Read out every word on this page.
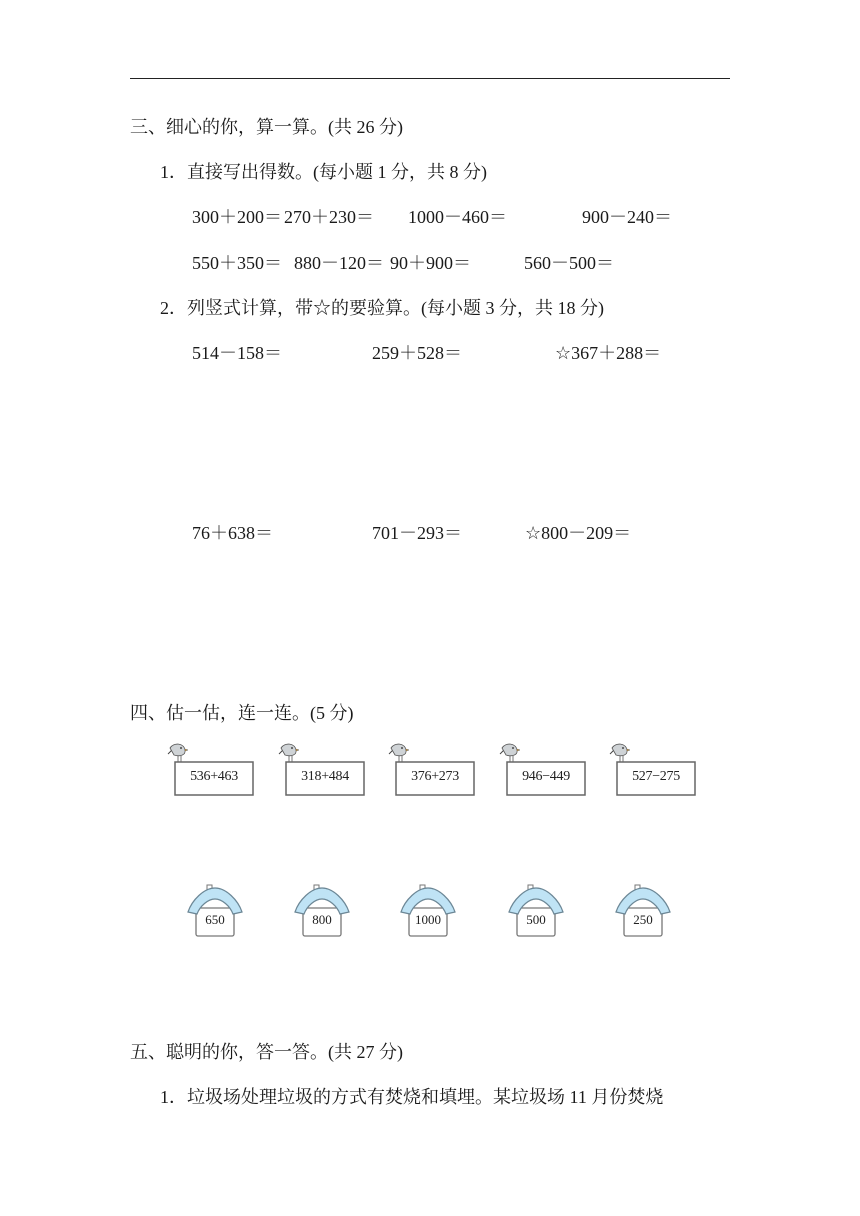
三、细心的你，算一算。(共 26 分)
1．直接写出得数。(每小题 1 分，共 8 分)
300＋200＝ 270＋230＝ 1000－460＝	900－240＝
550＋350＝ 880－120＝ 90＋900＝	560－500＝
2．列竖式计算，带☆的要验算。(每小题 3 分，共 18 分)
514－158＝	259＋528＝	☆367＋288＝
76＋638＝	701－293＝	☆800－209＝
四、估一估，连一连。(5 分)
536+463	318+484	376+273	946−449	527−275
650	800	1000	500	250
五、聪明的你，答一答。(共 27 分)
1．垃圾场处理垃圾的方式有焚烧和填埋。某垃圾场 11 月份焚烧
